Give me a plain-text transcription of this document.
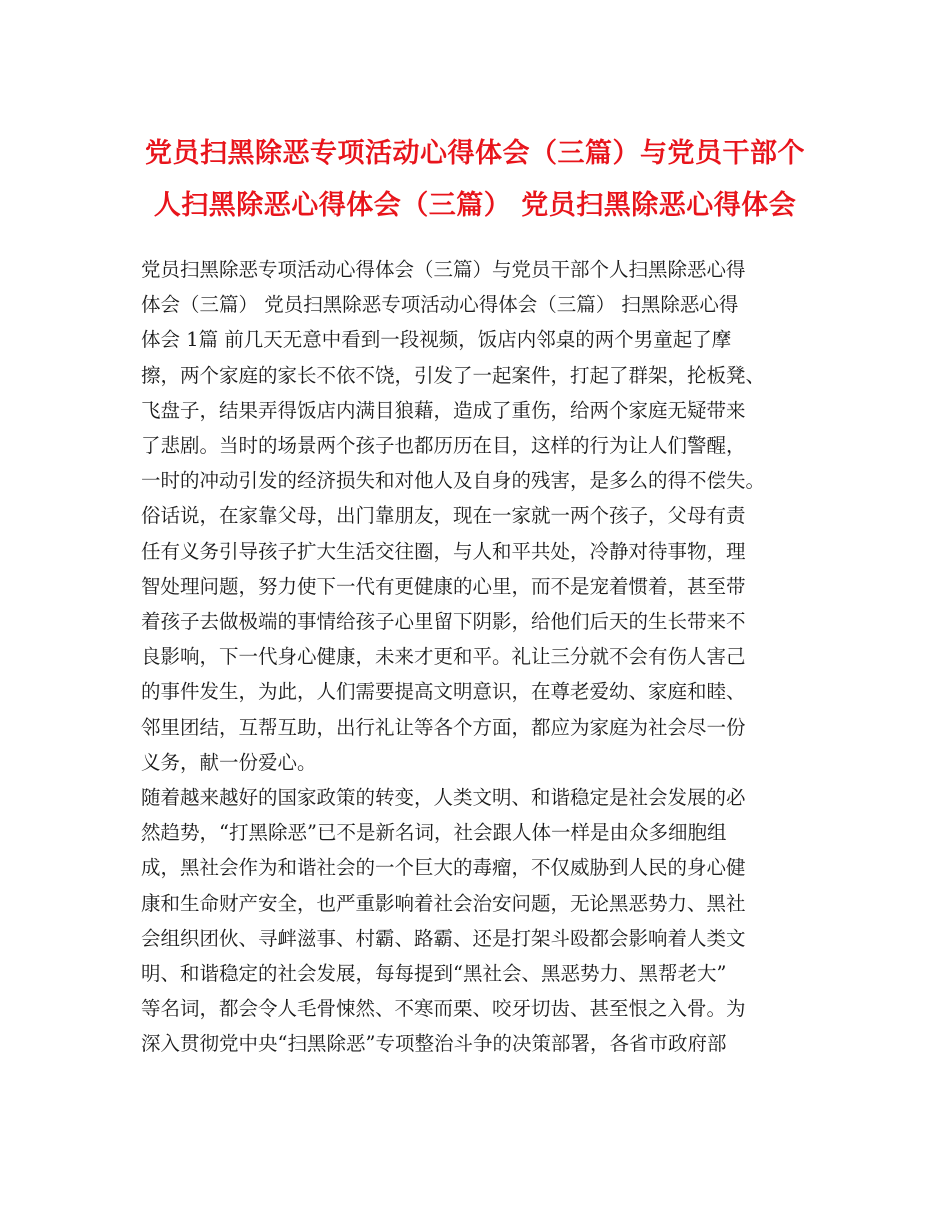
党员扫黑除恶专项活动心得体会（三篇）与党员干部个
人扫黑除恶心得体会（三篇） 党员扫黑除恶心得体会
党员扫黑除恶专项活动心得体会（三篇）与党员干部个人扫黑除恶心得
体会（三篇） 党员扫黑除恶专项活动心得体会（三篇） 扫黑除恶心得
体会 1篇 前几天无意中看到一段视频，饭店内邻桌的两个男童起了摩
擦，两个家庭的家长不依不饶，引发了一起案件，打起了群架，抡板凳、
飞盘子，结果弄得饭店内满目狼藉，造成了重伤，给两个家庭无疑带来
了悲剧。当时的场景两个孩子也都历历在目，这样的行为让人们警醒，
一时的冲动引发的经济损失和对他人及自身的残害，是多么的得不偿失。
俗话说，在家靠父母，出门靠朋友，现在一家就一两个孩子，父母有责
任有义务引导孩子扩大生活交往圈，与人和平共处，冷静对待事物，理
智处理问题，努力使下一代有更健康的心里，而不是宠着惯着，甚至带
着孩子去做极端的事情给孩子心里留下阴影，给他们后天的生长带来不
良影响，下一代身心健康，未来才更和平。礼让三分就不会有伤人害己
的事件发生，为此，人们需要提高文明意识，在尊老爱幼、家庭和睦、
邻里团结，互帮互助，出行礼让等各个方面，都应为家庭为社会尽一份
义务，献一份爱心。
随着越来越好的国家政策的转变，人类文明、和谐稳定是社会发展的必
然趋势，“打黑除恶”已不是新名词，社会跟人体一样是由众多细胞组
成，黑社会作为和谐社会的一个巨大的毒瘤，不仅威胁到人民的身心健
康和生命财产安全，也严重影响着社会治安问题，无论黑恶势力、黑社
会组织团伙、寻衅滋事、村霸、路霸、还是打架斗殴都会影响着人类文
明、和谐稳定的社会发展，每每提到“黑社会、黑恶势力、黑帮老大”
等名词，都会令人毛骨悚然、不寒而栗、咬牙切齿、甚至恨之入骨。为
深入贯彻党中央“扫黑除恶”专项整治斗争的决策部署，各省市政府部
